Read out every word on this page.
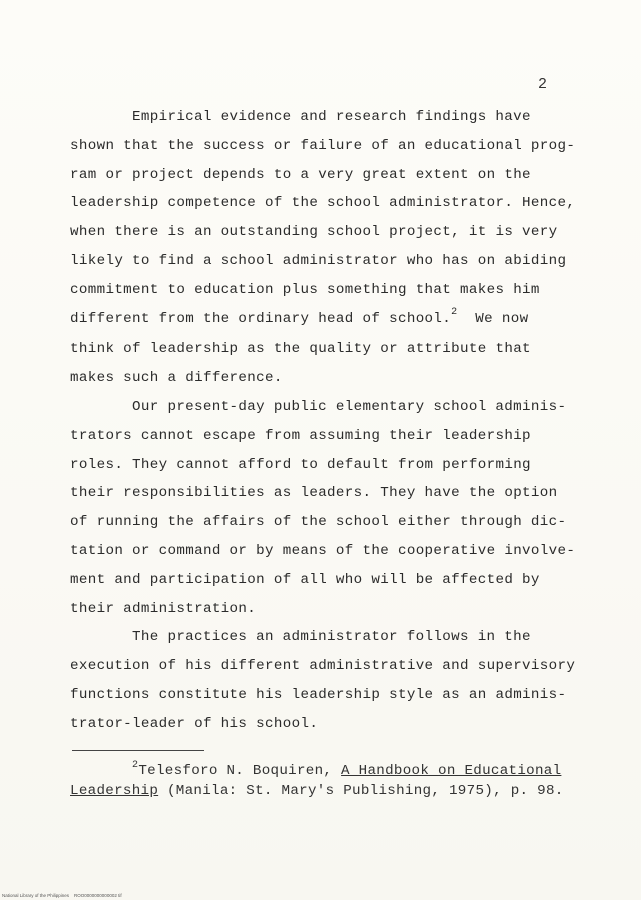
2
Empirical evidence and research findings have
shown that the success or failure of an educational prog-
ram or project depends to a very great extent on the
leadership competence of the school administrator. Hence,
when there is an outstanding school project, it is very
likely to find a school administrator who has on abiding
commitment to education plus something that makes him
different from the ordinary head of school.$^2$ We now
think of leadership as the quality or attribute that
makes such a difference.
Our present-day public elementary school adminis-
trators cannot escape from assuming their leadership
roles. They cannot afford to default from performing
their responsibilities as leaders. They have the option
of running the affairs of the school either through dic-
tation or command or by means of the cooperative involve-
ment and participation of all who will be affected by
their administration.
The practices an administrator follows in the
execution of his different administrative and supervisory
functions constitute his leadership style as an adminis-
trator-leader of his school.
$^2$Telesforo N. Boquiren, A Handbook on Educational
Leadership (Manila: St. Mary's Publishing, 1975), p. 98.
National Library of the Philippines    ROO0000000000002 tif
